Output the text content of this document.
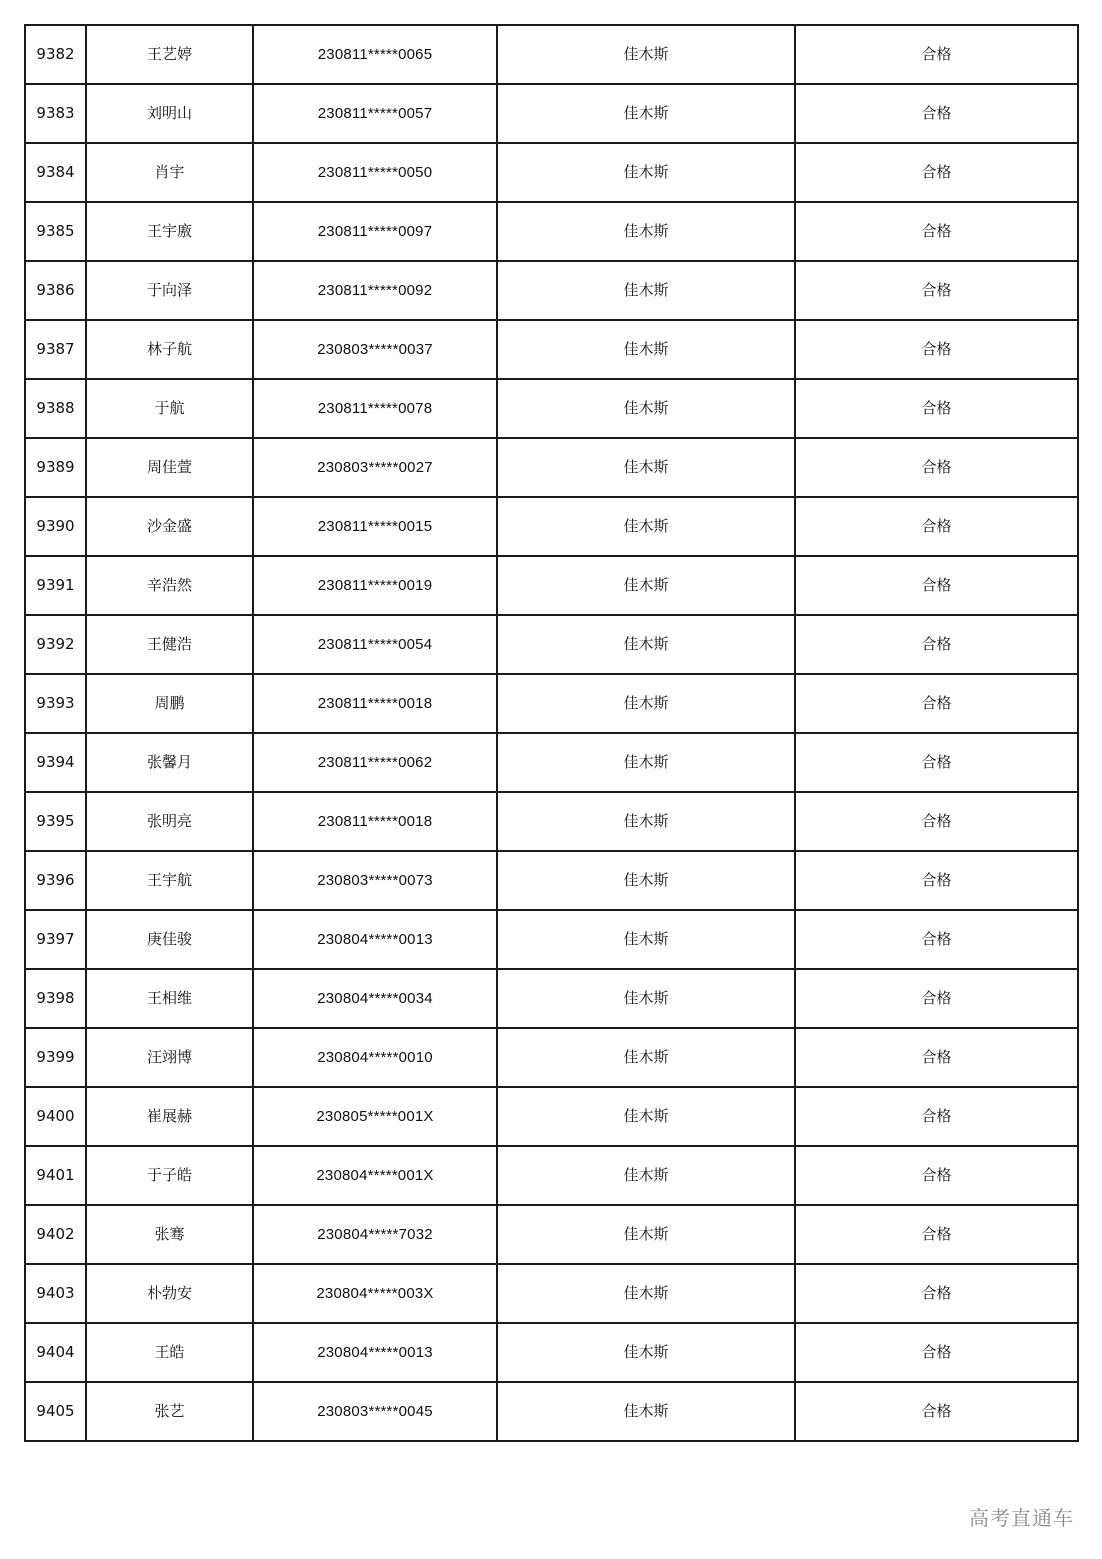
9382	王艺婷	230811*****0065	佳木斯	合格
9383	刘明山	230811*****0057	佳木斯	合格
9384	肖宇	230811*****0050	佳木斯	合格
9385	王宇廒	230811*****0097	佳木斯	合格
9386	于向泽	230811*****0092	佳木斯	合格
9387	林子航	230803*****0037	佳木斯	合格
9388	于航	230811*****0078	佳木斯	合格
9389	周佳萱	230803*****0027	佳木斯	合格
9390	沙金盛	230811*****0015	佳木斯	合格
9391	辛浩然	230811*****0019	佳木斯	合格
9392	王健浩	230811*****0054	佳木斯	合格
9393	周鹏	230811*****0018	佳木斯	合格
9394	张馨月	230811*****0062	佳木斯	合格
9395	张明亮	230811*****0018	佳木斯	合格
9396	王宇航	230803*****0073	佳木斯	合格
9397	庚佳骏	230804*****0013	佳木斯	合格
9398	王相维	230804*****0034	佳木斯	合格
9399	汪翊博	230804*****0010	佳木斯	合格
9400	崔展赫	230805*****001X	佳木斯	合格
9401	于子皓	230804*****001X	佳木斯	合格
9402	张骞	230804*****7032	佳木斯	合格
9403	朴勃安	230804*****003X	佳木斯	合格
9404	王皓	230804*****0013	佳木斯	合格
9405	张艺	230803*****0045	佳木斯	合格
高考直通车
